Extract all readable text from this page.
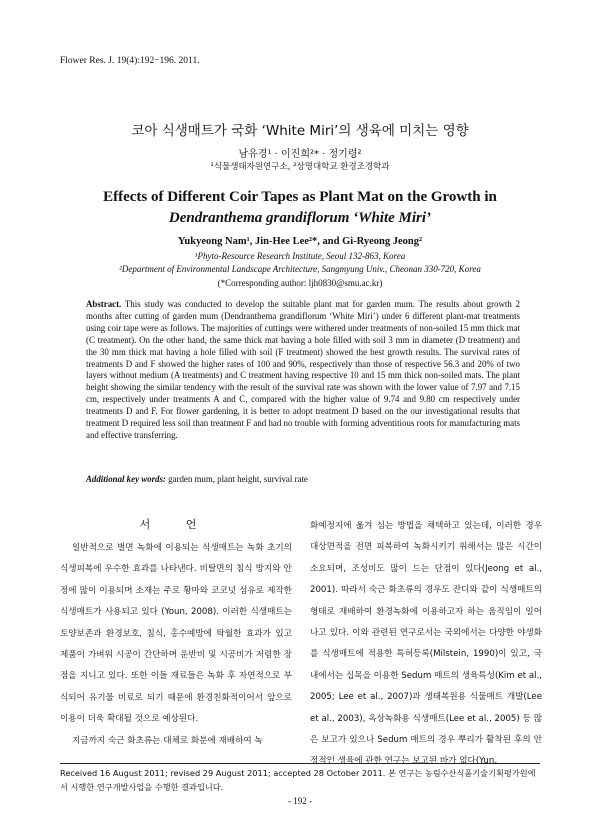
Flower Res. J. 19(4):192−196. 2011.
코아 식생매트가 국화 ‘White Miri’의 생육에 미치는 영향
남유경¹ · 이진희²* · 정기령²
¹식물생태자원연구소, ²상명대학교 환경조경학과
Effects of Different Coir Tapes as Plant Mat on the Growth in
Dendranthema grandiflorum ‘White Miri’
Yukyeong Nam¹, Jin-Hee Lee²*, and Gi-Ryeong Jeong²
¹Phyto-Resource Research Institute, Seoul 132-863, Korea
²Department of Environmental Landscape Architecture, Sangmyung Univ., Cheonan 330-720, Korea
(*Corresponding author: ljh0830@smu.ac.kr)
Abstract. This study was conducted to develop the suitable plant mat for garden mum. The results about growth 2 months after cutting of garden mum (Dendranthema grandiflorum ‘White Miri’) under 6 different plant-mat treatments using coir tape were as follows. The majorities of cuttings were withered under treatments of non-soiled 15 mm thick mat (C treatment). On the other hand, the same thick mat having a hole filled with soil 3 mm in diameter (D treatment) and the 30 mm thick mat having a hole filled with soil (F treatment) showed the best growth results. The survival rates of treatments D and F showed the higher rates of 100 and 90%, respectively than those of respective 56.3 and 20% of two layers without medium (A treatments) and C treatment having respective 10 and 15 mm thick non-soiled mats. The plant height showing the similar tendency with the result of the survival rate was shown with the lower value of 7.97 and 7.15 cm, respectively under treatments A and C, compared with the higher value of 9.74 and 9.80 cm respectively under treatments D and F. For flower gardening, it is better to adopt treatment D based on the our investigational results that treatment D required less soil than treatment F and had no trouble with forming adventitious roots for manufacturing mats and effective transferring.
Additional key words: garden mum, plant height, survival rate
서 언
일반적으로 벌면 녹화에 이용되는 식생매트는 녹화 초기의 식생피복에 우수한 효과를 나타낸다. 비탈면의 침식 방지와 안정에 많이 이용되며 소재는 주로 황마와 코코넛 섬유로 제작한 식생매트가 사용되고 있다 (Youn, 2008). 이러한 식생매트는 토양보존과 환경보호, 침식, 홍수예방에 탁월한 효과가 있고 제품이 가벼워 시공이 간단하며 운반비 및 시공비가 저렴한 장점을 지니고 있다. 또한 이들 재료들은 녹화 후 자연적으로 부식되어 유기물 비료로 되기 때문에 환경친화적이어서 앞으로 이용이 더욱 확대될 것으로 예상된다.
지금까지 숙근 화초류는 대체로 화분에 재배하여 녹
화예정지에 옮겨 심는 방법을 채택하고 있는데, 이러한 경우 대상면적을 전면 피복하여 녹화시키기 위해서는 많은 시간이 소요되며, 조성비도 많이 드는 단점이 있다(Jeong et al., 2001). 따라서 숙근 화초류의 경우도 잔디와 같이 식생매트의 형태로 재배하여 환경녹화에 이용하고자 하는 움직임이 일어나고 있다. 이와 관련된 연구로서는 국외에서는 다양한 야생화를 식생매트에 적용한 특허등록(Milstein, 1990)이 있고, 국내에서는 십목을 이용한 Sedum 매트의 생육특성(Kim et al., 2005; Lee et al., 2007)과 생태복원용 식물매트 개발(Lee et al., 2003), 옥상녹화용 식생매트(Lee et al., 2005) 등 많은 보고가 있으나 Sedum 매트의 경우 뿌리가 활착된 후의 안정적인 생육에 관한 연구는 보고된 바가 없다(Yun,
Received 16 August 2011; revised 29 August 2011; accepted 28 October 2011. 본 연구는 농림수산식품기술기획평가원에서 시행한 연구개발사업을 수행한 결과입니다.
- 192 -
